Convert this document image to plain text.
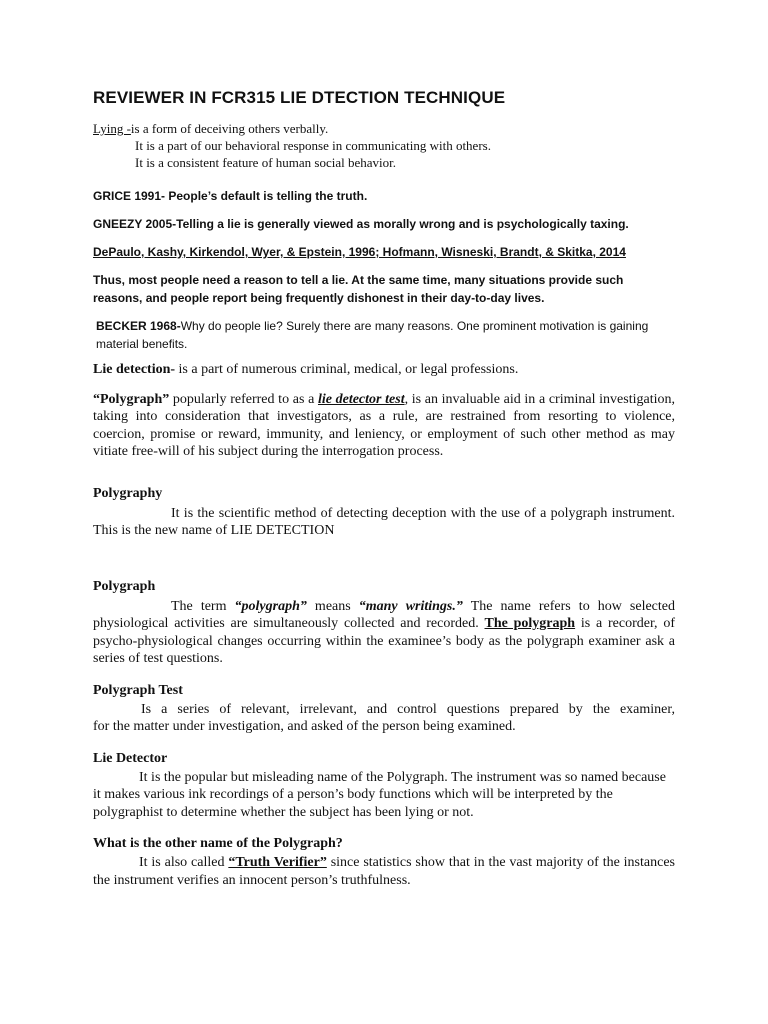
REVIEWER IN FCR315 LIE DTECTION TECHNIQUE

Lying -is a form of deceiving others verbally.

It is a part of our behavioral response in communicating with others.

It is a consistent feature of human social behavior.

GRICE 1991- People’s default is telling the truth.

GNEEZY 2005-Telling a lie is generally viewed as morally wrong and is psychologically taxing.

DePaulo, Kashy, Kirkendol, Wyer, & Epstein, 1996; Hofmann, Wisneski, Brandt, & Skitka, 2014

Thus, most people need a reason to tell a lie. At the same time, many situations provide such reasons, and people report being frequently dishonest in their day-to-day lives.

BECKER 1968-Why do people lie? Surely there are many reasons. One prominent motivation is gaining material benefits.

Lie detection- is a part of numerous criminal, medical, or legal professions.

“Polygraph” popularly referred to as a lie detector test, is an invaluable aid in a criminal investigation, taking into consideration that investigators, as a rule, are restrained from resorting to violence, coercion, promise or reward, immunity, and leniency, or employment of such other method as may vitiate free-will of his subject during the interrogation process.

Polygraphy

It is the scientific method of detecting deception with the use of a polygraph instrument. This is the new name of LIE DETECTION

Polygraph

The term “polygraph” means “many writings.” The name refers to how selected physiological activities are simultaneously collected and recorded. The polygraph is a recorder, of psycho-physiological changes occurring within the examinee’s body as the polygraph examiner ask a series of test questions.

Polygraph Test

Is a series of relevant, irrelevant, and control questions prepared by the examiner,

for the matter under investigation, and asked of the person being examined.

Lie Detector

It is the popular but misleading name of the Polygraph. The instrument was so named because it makes various ink recordings of a person’s body functions which will be interpreted by the polygraphist to determine whether the subject has been lying or not.

What is the other name of the Polygraph?

It is also called “Truth Verifier” since statistics show that in the vast majority of the instances the instrument verifies an innocent person’s truthfulness.
